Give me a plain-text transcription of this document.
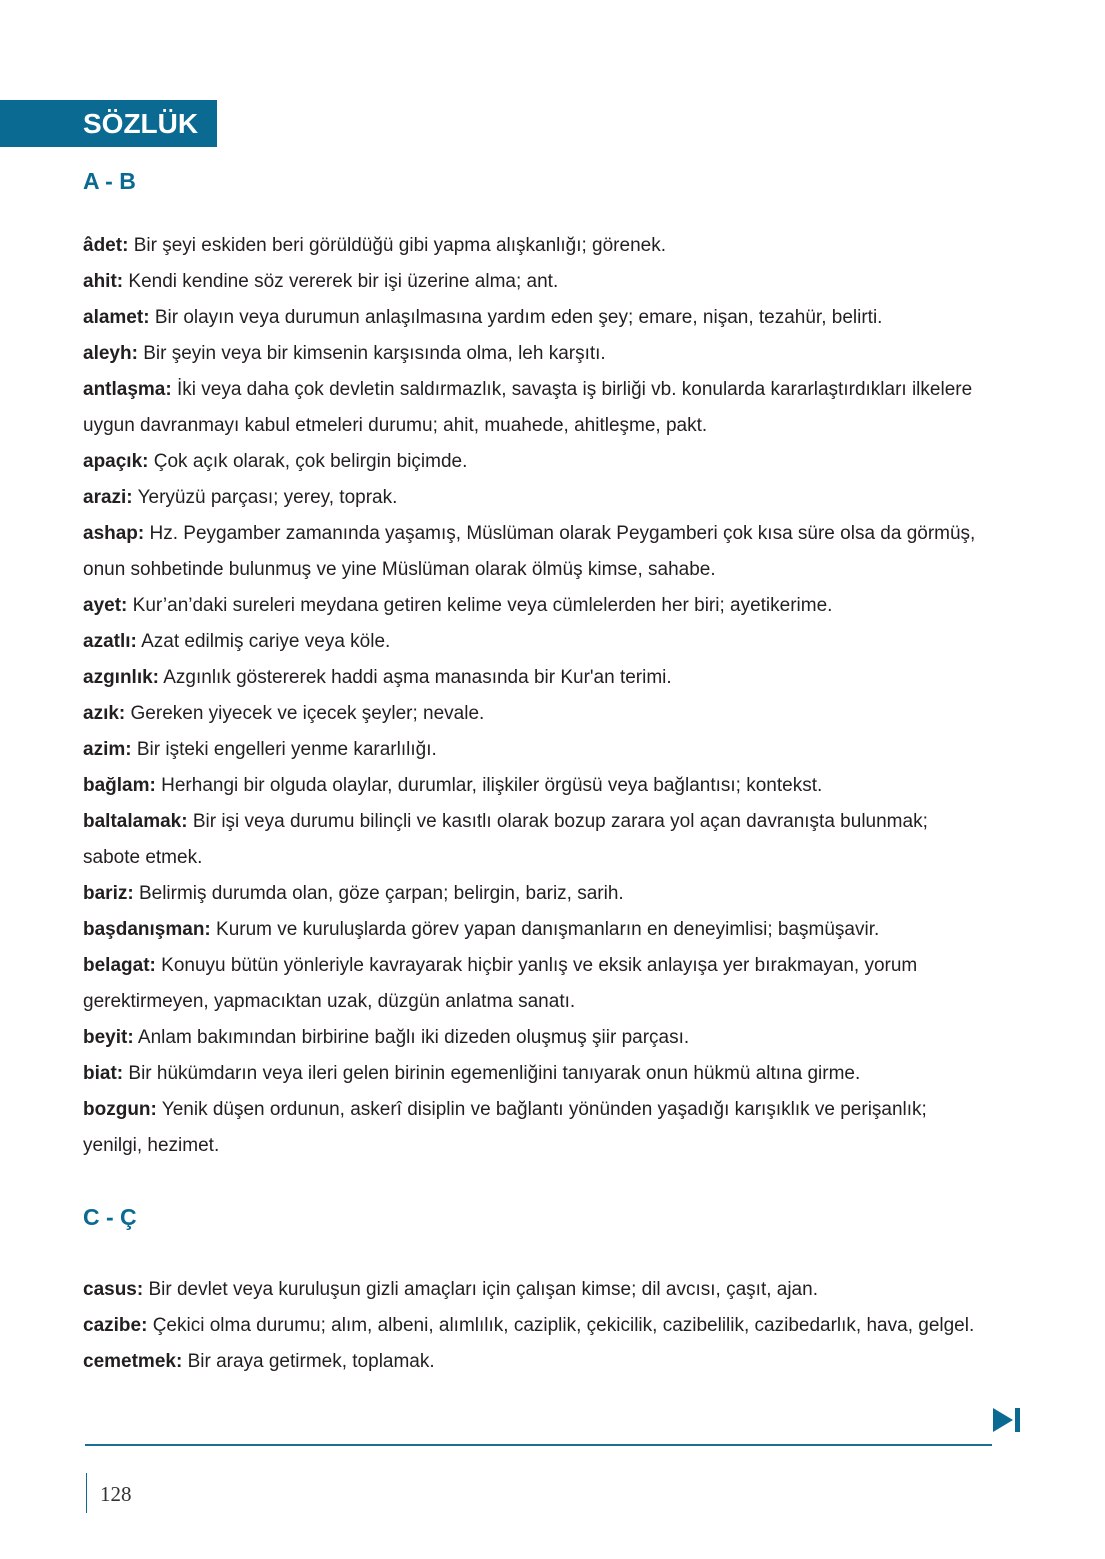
SÖZLÜK
A - B

âdet: Bir şeyi eskiden beri görüldüğü gibi yapma alışkanlığı; görenek.

ahit: Kendi kendine söz vererek bir işi üzerine alma; ant.

alamet: Bir olayın veya durumun anlaşılmasına yardım eden şey; emare, nişan, tezahür, belirti.

aleyh: Bir şeyin veya bir kimsenin karşısında olma, leh karşıtı.

antlaşma: İki veya daha çok devletin saldırmazlık, savaşta iş birliği vb. konularda kararlaştırdıkları ilkelere uygun davranmayı kabul etmeleri durumu; ahit, muahede, ahitleşme, pakt.

apaçık: Çok açık olarak, çok belirgin biçimde.

arazi: Yeryüzü parçası; yerey, toprak.

ashap: Hz. Peygamber zamanında yaşamış, Müslüman olarak Peygamberi çok kısa süre olsa da görmüş, onun sohbetinde bulunmuş ve yine Müslüman olarak ölmüş kimse, sahabe.

ayet: Kur’an’daki sureleri meydana getiren kelime veya cümlelerden her biri; ayetikerime.

azatlı: Azat edilmiş cariye veya köle.

azgınlık: Azgınlık göstererek haddi aşma manasında bir Kur'an terimi.

azık: Gereken yiyecek ve içecek şeyler; nevale.

azim: Bir işteki engelleri yenme kararlılığı.

bağlam: Herhangi bir olguda olaylar, durumlar, ilişkiler örgüsü veya bağlantısı; kontekst.

baltalamak: Bir işi veya durumu bilinçli ve kasıtlı olarak bozup zarara yol açan davranışta bulunmak; sabote etmek.

bariz: Belirmiş durumda olan, göze çarpan; belirgin, bariz, sarih.

başdanışman: Kurum ve kuruluşlarda görev yapan danışmanların en deneyimlisi; başmüşavir.

belagat: Konuyu bütün yönleriyle kavrayarak hiçbir yanlış ve eksik anlayışa yer bırakmayan, yorum gerektirmeyen, yapmacıktan uzak, düzgün anlatma sanatı.

beyit: Anlam bakımından birbirine bağlı iki dizeden oluşmuş şiir parçası.

biat: Bir hükümdarın veya ileri gelen birinin egemenliğini tanıyarak onun hükmü altına girme.

bozgun: Yenik düşen ordunun, askerî disiplin ve bağlantı yönünden yaşadığı karışıklık ve perişanlık; yenilgi, hezimet.

C - Ç

casus: Bir devlet veya kuruluşun gizli amaçları için çalışan kimse; dil avcısı, çaşıt, ajan.

cazibe: Çekici olma durumu; alım, albeni, alımlılık, caziplik, çekicilik, cazibelilik, cazibedarlık, hava, gelgel.

cemetmek: Bir araya getirmek, toplamak.

128
